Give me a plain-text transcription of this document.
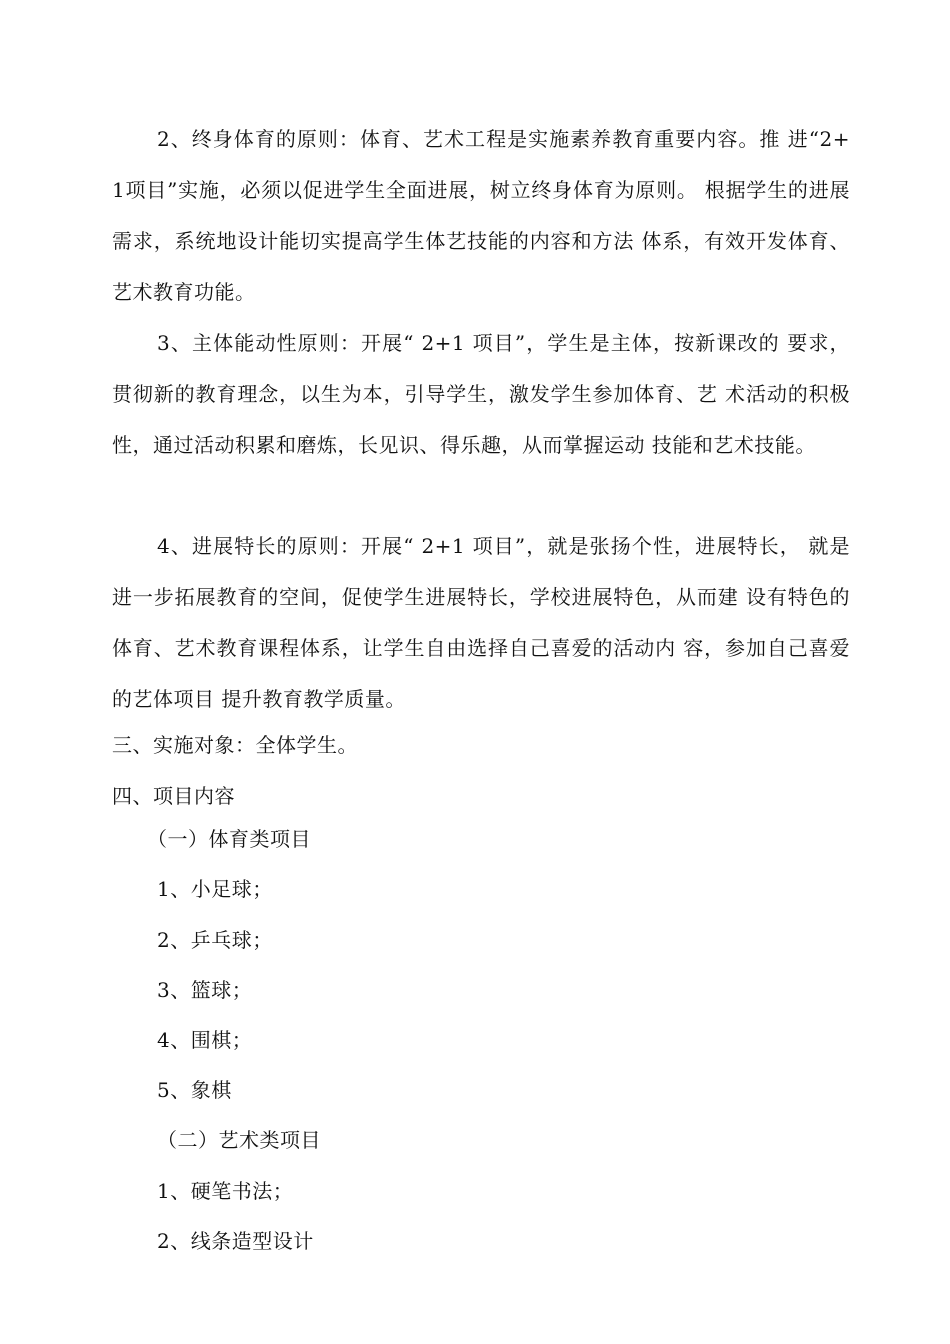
2、终身体育的原则：体育、艺术工程是实施素养教育重要内容。推 进“2+ 1项目”实施，必须以促进学生全面进展，树立终身体育为原则。 根据学生的进展需求，系统地设计能切实提高学生体艺技能的内容和方法 体系，有效开发体育、艺术教育功能。

3、主体能动性原则：开展“ 2+1 项目”，学生是主体，按新课改的 要求，贯彻新的教育理念，以生为本，引导学生，激发学生参加体育、艺 术活动的积极性，通过活动积累和磨炼，长见识、得乐趣，从而掌握运动 技能和艺术技能。

4、进展特长的原则：开展“ 2+1 项目”，就是张扬个性，进展特长， 就是进一步拓展教育的空间，促使学生进展特长，学校进展特色，从而建 设有特色的体育、艺术教育课程体系，让学生自由选择自己喜爱的活动内 容，参加自己喜爱的艺体项目 提升教育教学质量。

三、实施对象：全体学生。

四、项目内容

（一）体育类项目

1、小足球；

2、乒乓球；

3、篮球；

4、围棋；

5、象棋

（二）艺术类项目

1、硬笔书法；

2、线条造型设计
